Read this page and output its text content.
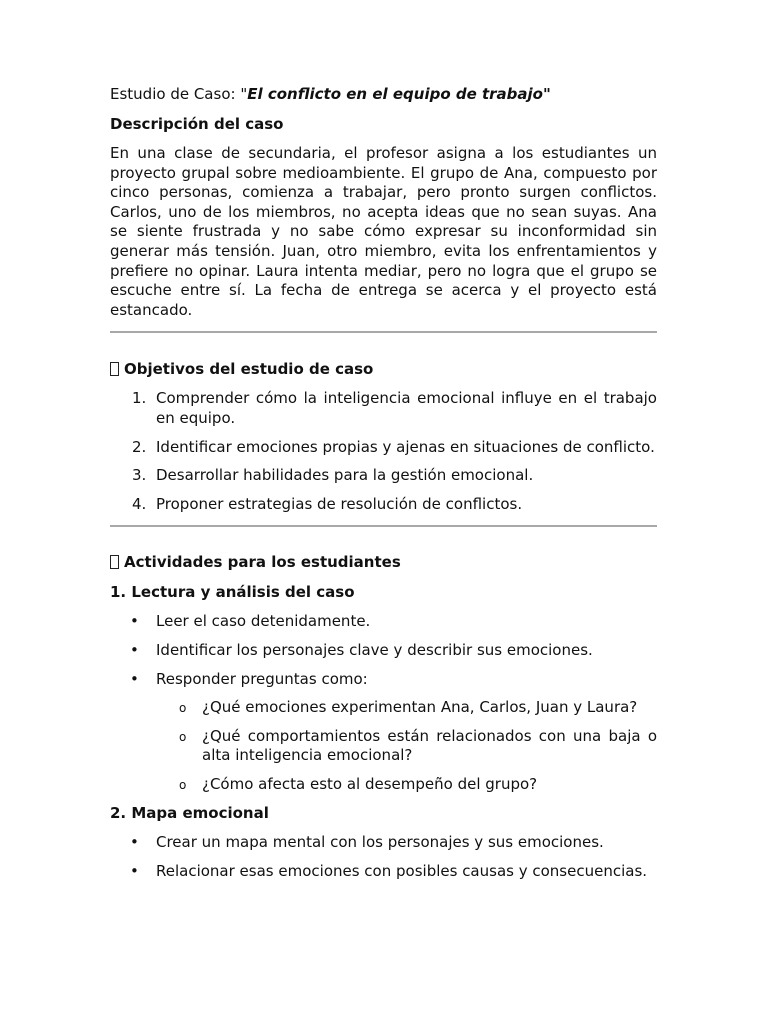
Estudio de Caso: "El conflicto en el equipo de trabajo"

Descripción del caso

En una clase de secundaria, el profesor asigna a los estudiantes un proyecto grupal sobre medioambiente. El grupo de Ana, compuesto por cinco personas, comienza a trabajar, pero pronto surgen conflictos. Carlos, uno de los miembros, no acepta ideas que no sean suyas. Ana se siente frustrada y no sabe cómo expresar su inconformidad sin generar más tensión. Juan, otro miembro, evita los enfrentamientos y prefiere no opinar. Laura intenta mediar, pero no logra que el grupo se escuche entre sí. La fecha de entrega se acerca y el proyecto está estancado.

Objetivos del estudio de caso
1. Comprender cómo la inteligencia emocional influye en el trabajo en equipo.
2. Identificar emociones propias y ajenas en situaciones de conflicto.
3. Desarrollar habilidades para la gestión emocional.
4. Proponer estrategias de resolución de conflictos.
Actividades para los estudiantes

1. Lectura y análisis del caso

• Leer el caso detenidamente.
• Identificar los personajes clave y describir sus emociones.
• Responder preguntas como:
o ¿Qué emociones experimentan Ana, Carlos, Juan y Laura?
o ¿Qué comportamientos están relacionados con una baja o alta inteligencia emocional?
o ¿Cómo afecta esto al desempeño del grupo?

2. Mapa emocional

• Crear un mapa mental con los personajes y sus emociones.
• Relacionar esas emociones con posibles causas y consecuencias.
